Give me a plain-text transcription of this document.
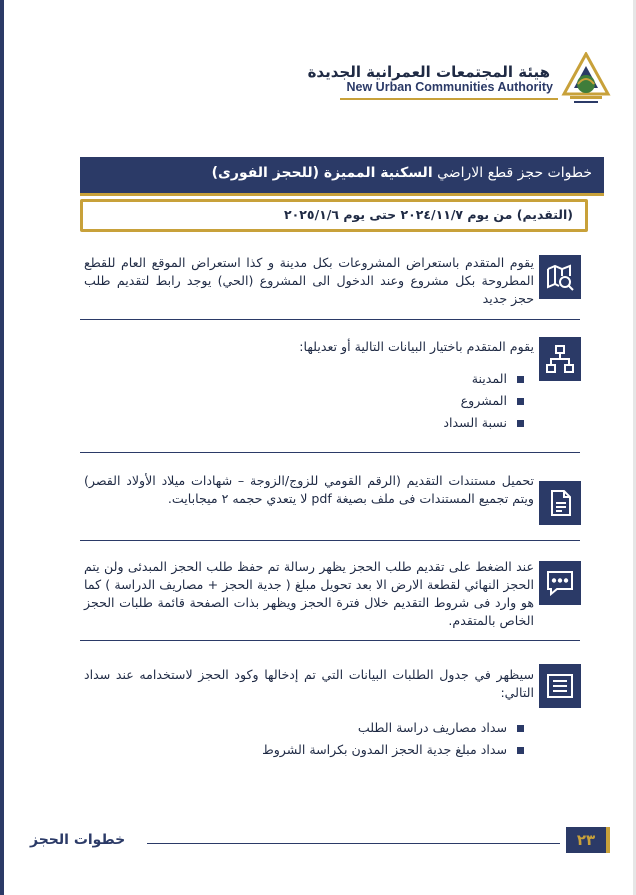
هيئة المجتمعات العمرانية الجديدة
New Urban Communities Authority
خطوات حجز قطع الاراضي السكنية المميزة (للحجز الفورى)
(التقديم) من يوم ٢٠٢٤/١١/٧ حتى يوم ٢٠٢٥/١/٦
يقوم المتقدم باستعراض المشروعات بكل مدينة و كذا استعراض الموقع العام للقطع المطروحة بكل مشروع وعند الدخول الى المشروع (الحي) يوجد رابط لتقديم طلب حجز جديد
يقوم المتقدم باختيار البيانات التالية أو تعديلها:
المدينة
المشروع
نسبة السداد
تحميل مستندات التقديم (الرقم القومي للزوج/الزوجة – شهادات ميلاد الأولاد القصر) ويتم تجميع المستندات فى ملف بصيغة pdf لا يتعدي حجمه ٢ ميجابايت.
عند الضغط على تقديم طلب الحجز يظهر رسالة تم حفظ طلب الحجز المبدئى ولن يتم الحجز النهائي لقطعة الارض الا بعد تحويل مبلغ ( جدية الحجز + مصاريف الدراسة ) كما هو وارد فى شروط التقديم خلال فترة الحجز ويظهر بذات الصفحة قائمة طلبات الحجز الخاص بالمتقدم.
سيظهر في جدول الطلبات البيانات التي تم إدخالها وكود الحجز لاستخدامه عند سداد التالي:
سداد مصاريف دراسة الطلب
سداد مبلغ جدية الحجز المدون بكراسة الشروط
خطوات الحجز	٢٣
